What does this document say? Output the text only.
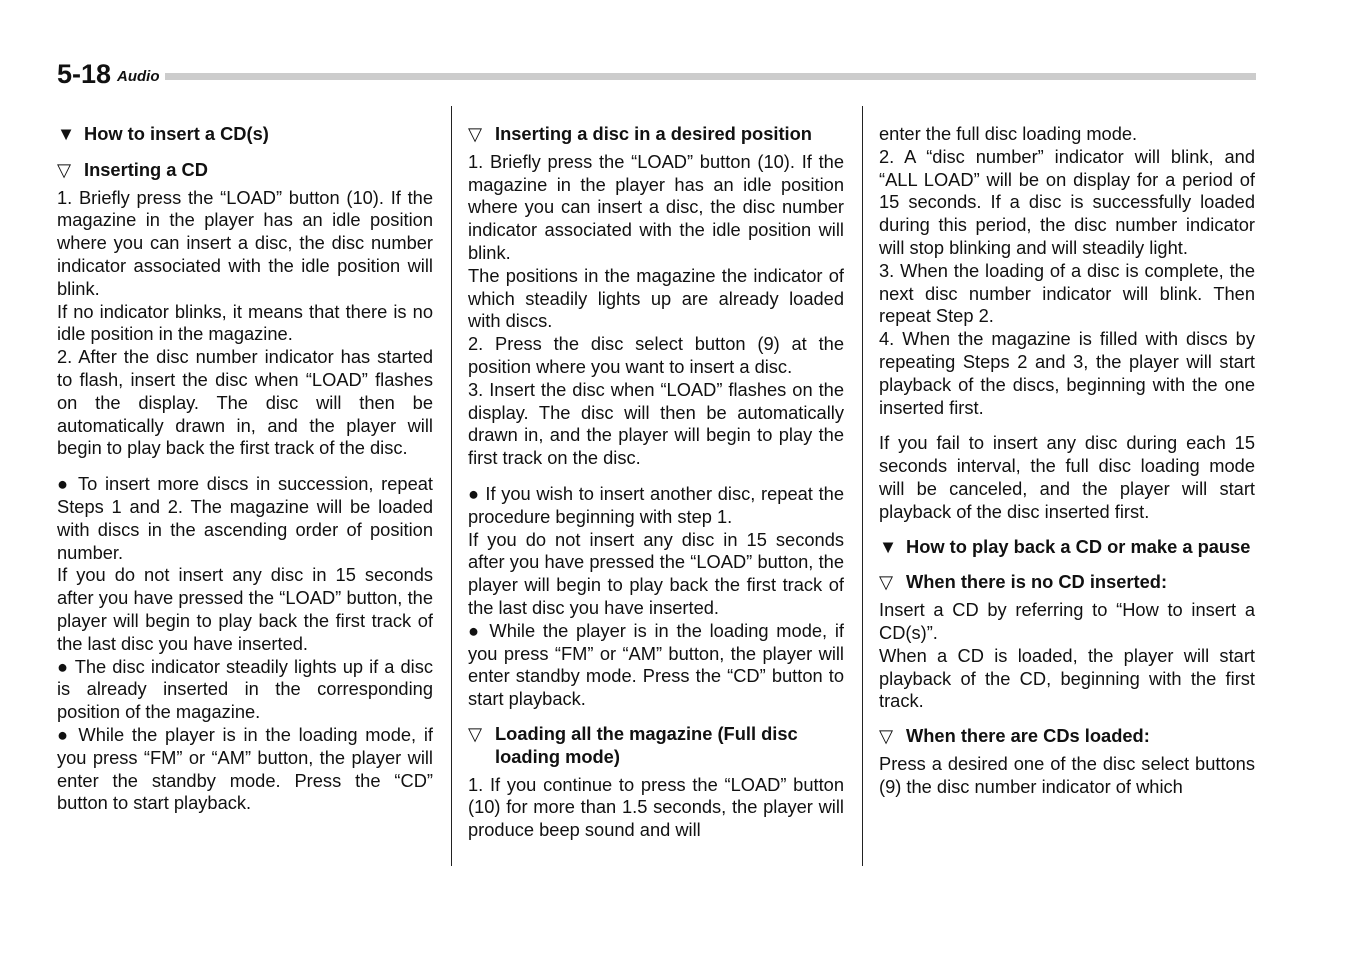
5-18 Audio
▼ How to insert a CD(s)
▽ Inserting a CD

1. Briefly press the “LOAD” button (10). If the magazine in the player has an idle position where you can insert a disc, the disc number indicator associated with the idle position will blink.

If no indicator blinks, it means that there is no idle position in the magazine.

2. After the disc number indicator has started to flash, insert the disc when “LOAD” flashes on the display. The disc will then be automatically drawn in, and the player will begin to play back the first track of the disc.

● To insert more discs in succession, repeat Steps 1 and 2. The magazine will be loaded with discs in the ascending order of position number.

If you do not insert any disc in 15 seconds after you have pressed the “LOAD” button, the player will begin to play back the first track of the last disc you have inserted.

● The disc indicator steadily lights up if a disc is already inserted in the corresponding position of the magazine.

● While the player is in the loading mode, if you press “FM” or “AM” button, the player will enter the standby mode. Press the “CD” button to start playback.

▽ Inserting a disc in a desired position

1. Briefly press the “LOAD” button (10). If the magazine in the player has an idle position where you can insert a disc, the disc number indicator associated with the idle position will blink.

The positions in the magazine the indicator of which steadily lights up are already loaded with discs.

2. Press the disc select button (9) at the position where you want to insert a disc.

3. Insert the disc when “LOAD” flashes on the display. The disc will then be automatically drawn in, and the player will begin to play the first track on the disc.

● If you wish to insert another disc, repeat the procedure beginning with step 1.

If you do not insert any disc in 15 seconds after you have pressed the “LOAD” button, the player will begin to play back the first track of the last disc you have inserted.

● While the player is in the loading mode, if you press “FM” or “AM” button, the player will enter standby mode. Press the “CD” button to start playback.

▽ Loading all the magazine (Full disc loading mode)

1. If you continue to press the “LOAD” button (10) for more than 1.5 seconds, the player will produce beep sound and will

enter the full disc loading mode.

2. A “disc number” indicator will blink, and “ALL LOAD” will be on display for a period of 15 seconds. If a disc is successfully loaded during this period, the disc number indicator will stop blinking and will steadily light.

3. When the loading of a disc is complete, the next disc number indicator will blink. Then repeat Step 2.

4. When the magazine is filled with discs by repeating Steps 2 and 3, the player will start playback of the discs, beginning with the one inserted first.

If you fail to insert any disc during each 15 seconds interval, the full disc loading mode will be canceled, and the player will start playback of the disc inserted first.

▼ How to play back a CD or make a pause
▽ When there is no CD inserted:

Insert a CD by referring to “How to insert a CD(s)”.

When a CD is loaded, the player will start playback of the CD, beginning with the first track.

▽ When there are CDs loaded:

Press a desired one of the disc select buttons (9) the disc number indicator of which
